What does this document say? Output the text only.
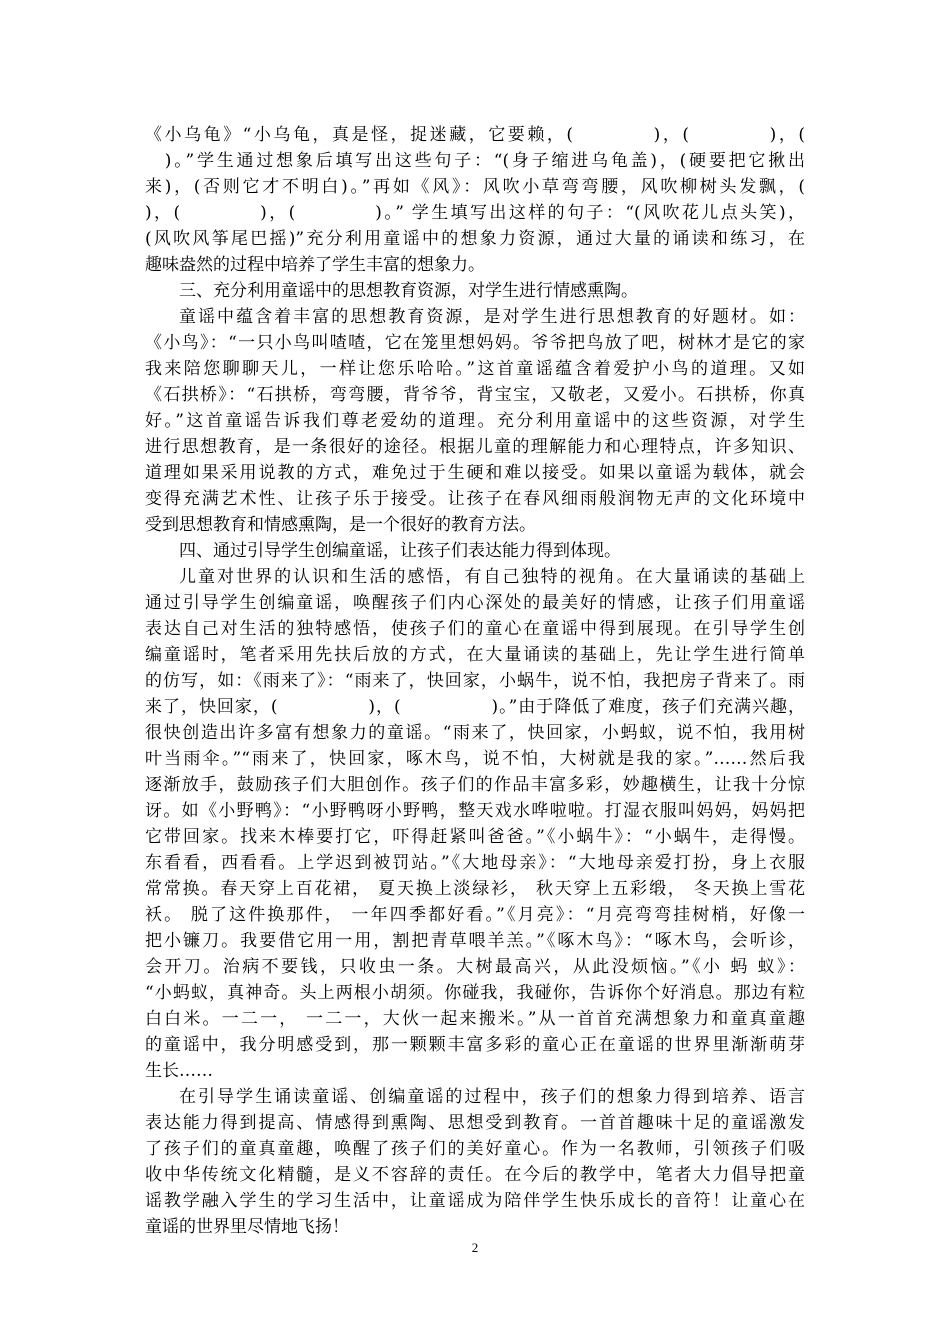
《小乌龟》“小乌龟，真是怪，捉迷藏，它要赖，(　　　　)，(　　　　)，(
　)。”学生通过想象后填写出这些句子：“(身子缩进乌龟盖)，(硬要把它揪出
来)，(否则它才不明白)。”再如《风》：风吹小草弯弯腰，风吹柳树头发飘，(
)，(　　　　)，(　　　　)。” 学生填写出这样的句子：“(风吹花儿点头笑)，
(风吹风筝尾巴摇)”充分利用童谣中的想象力资源，通过大量的诵读和练习，在
趣味盎然的过程中培养了学生丰富的想象力。
三、充分利用童谣中的思想教育资源，对学生进行情感熏陶。
童谣中蕴含着丰富的思想教育资源，是对学生进行思想教育的好题材。如：
《小鸟》：“一只小鸟叫喳喳，它在笼里想妈妈。爷爷把鸟放了吧，树林才是它的家
我来陪您聊聊天儿，一样让您乐哈哈。”这首童谣蕴含着爱护小鸟的道理。又如
《石拱桥》：“石拱桥，弯弯腰，背爷爷，背宝宝，又敬老，又爱小。石拱桥，你真
好。”这首童谣告诉我们尊老爱幼的道理。充分利用童谣中的这些资源，对学生
进行思想教育，是一条很好的途径。根据儿童的理解能力和心理特点，许多知识、
道理如果采用说教的方式，难免过于生硬和难以接受。如果以童谣为载体，就会
变得充满艺术性、让孩子乐于接受。让孩子在春风细雨般润物无声的文化环境中
受到思想教育和情感熏陶，是一个很好的教育方法。
四、通过引导学生创编童谣，让孩子们表达能力得到体现。
儿童对世界的认识和生活的感悟，有自己独特的视角。在大量诵读的基础上
通过引导学生创编童谣，唤醒孩子们内心深处的最美好的情感，让孩子们用童谣
表达自己对生活的独特感悟，使孩子们的童心在童谣中得到展现。在引导学生创
编童谣时，笔者采用先扶后放的方式，在大量诵读的基础上，先让学生进行简单
的仿写，如：《雨来了》：“雨来了，快回家，小蜗牛，说不怕，我把房子背来了。雨
来了，快回家，(　　　　　)，(　　　　　)。”由于降低了难度，孩子们充满兴趣，
很快创造出许多富有想象力的童谣。“雨来了，快回家，小蚂蚁，说不怕，我用树
叶当雨伞。”“雨来了，快回家，啄木鸟，说不怕，大树就是我的家。”……然后我
逐渐放手，鼓励孩子们大胆创作。孩子们的作品丰富多彩，妙趣横生，让我十分惊
讶。如《小野鸭》：“小野鸭呀小野鸭，整天戏水哗啦啦。打湿衣服叫妈妈，妈妈把
它带回家。找来木棒要打它，吓得赶紧叫爸爸。”《小蜗牛》：“小蜗牛，走得慢。
东看看，西看看。上学迟到被罚站。”《大地母亲》：“大地母亲爱打扮，身上衣服
常常换。春天穿上百花裙， 夏天换上淡绿衫， 秋天穿上五彩缎， 冬天换上雪花
袄。 脱了这件换那件， 一年四季都好看。”《月亮》：“月亮弯弯挂树梢，好像一
把小镰刀。我要借它用一用，割把青草喂羊羔。”《啄木鸟》：“啄木鸟，会听诊，
会开刀。治病不要钱，只收虫一条。大树最高兴，从此没烦恼。”《小 蚂 蚁》：
“小蚂蚁，真神奇。头上两根小胡须。你碰我，我碰你，告诉你个好消息。那边有粒
白白米。一二一， 一二一，大伙一起来搬米。”从一首首充满想象力和童真童趣
的童谣中，我分明感受到，那一颗颗丰富多彩的童心正在童谣的世界里渐渐萌芽
生长……
在引导学生诵读童谣、创编童谣的过程中，孩子们的想象力得到培养、语言
表达能力得到提高、情感得到熏陶、思想受到教育。一首首趣味十足的童谣激发
了孩子们的童真童趣，唤醒了孩子们的美好童心。作为一名教师，引领孩子们吸
收中华传统文化精髓，是义不容辞的责任。在今后的教学中，笔者大力倡导把童
谣教学融入学生的学习生活中，让童谣成为陪伴学生快乐成长的音符！让童心在
童谣的世界里尽情地飞扬！
2
